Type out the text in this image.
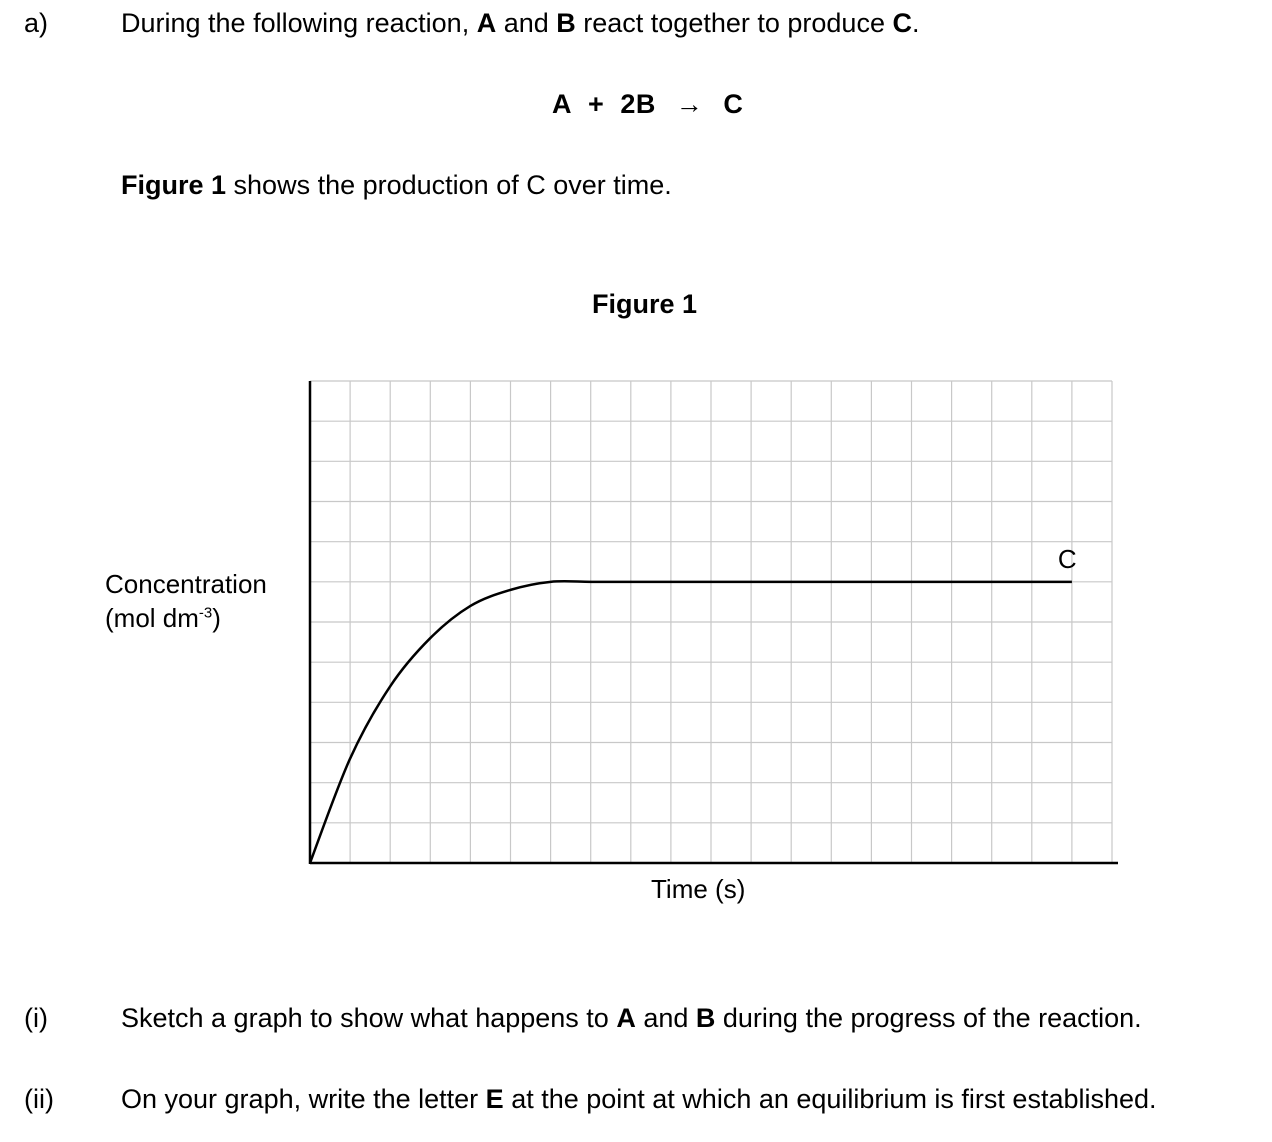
a)	During the following reaction, A and B react together to produce C.
A + 2B → C
Figure 1 shows the production of C over time.
Figure 1
Concentration
(mol $dm^{-3}$)
C
Time (s)
(i)	Sketch a graph to show what happens to A and B during the progress of the reaction.
(ii) On your graph, write the letter E at the point at which an equilibrium is first established.
